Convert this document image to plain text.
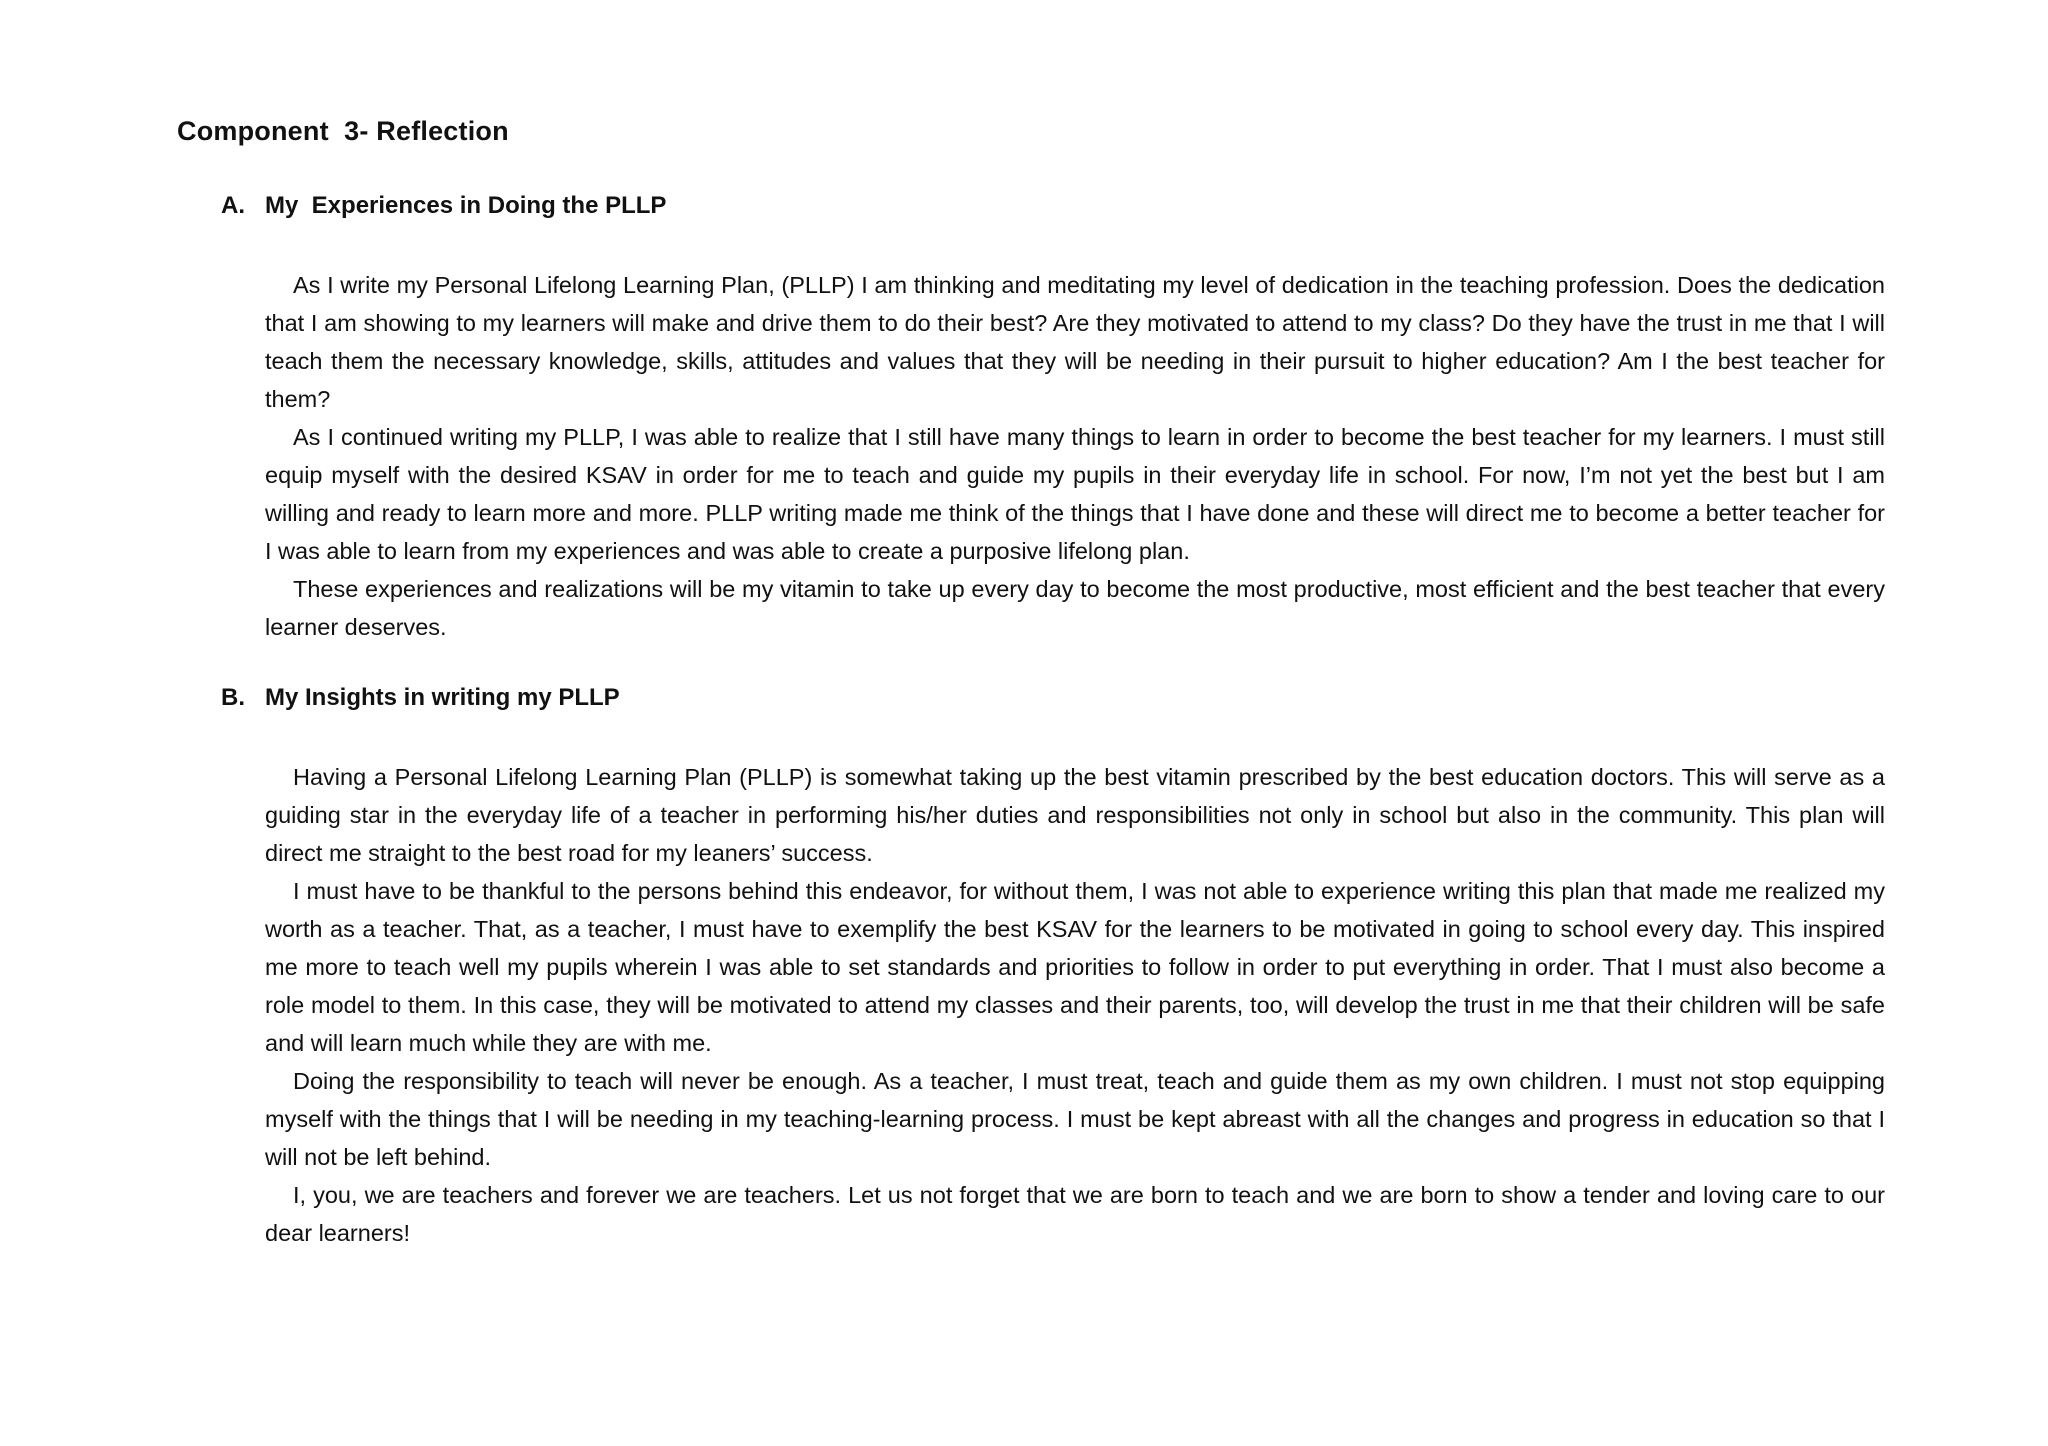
Component  3- Reflection
A. My  Experiences in Doing the PLLP

As I write my Personal Lifelong Learning Plan, (PLLP) I am thinking and meditating my level of dedication in the teaching profession. Does the dedication that I am showing to my learners will make and drive them to do their best? Are they motivated to attend to my class? Do they have the trust in me that I will teach them the necessary knowledge, skills, attitudes and values that they will be needing in their pursuit to higher education? Am I the best teacher for them?

As I continued writing my PLLP, I was able to realize that I still have many things to learn in order to become the best teacher for my learners. I must still equip myself with the desired KSAV in order for me to teach and guide my pupils in their everyday life in school. For now, I’m not yet the best but I am willing and ready to learn more and more. PLLP writing made me think of the things that I have done and these will direct me to become a better teacher for I was able to learn from my experiences and was able to create a purposive lifelong plan.

These experiences and realizations will be my vitamin to take up every day to become the most productive, most efficient and the best teacher that every learner deserves.

B. My Insights in writing my PLLP

Having a Personal Lifelong Learning Plan (PLLP) is somewhat taking up the best vitamin prescribed by the best education doctors. This will serve as a guiding star in the everyday life of a teacher in performing his/her duties and responsibilities not only in school but also in the community. This plan will direct me straight to the best road for my leaners’ success.

I must have to be thankful to the persons behind this endeavor, for without them, I was not able to experience writing this plan that made me realized my worth as a teacher. That, as a teacher, I must have to exemplify the best KSAV for the learners to be motivated in going to school every day. This inspired me more to teach well my pupils wherein I was able to set standards and priorities to follow in order to put everything in order. That I must also become a role model to them. In this case, they will be motivated to attend my classes and their parents, too, will develop the trust in me that their children will be safe and will learn much while they are with me.

Doing the responsibility to teach will never be enough. As a teacher, I must treat, teach and guide them as my own children. I must not stop equipping myself with the things that I will be needing in my teaching-learning process. I must be kept abreast with all the changes and progress in education so that I will not be left behind.

I, you, we are teachers and forever we are teachers. Let us not forget that we are born to teach and we are born to show a tender and loving care to our dear learners!
